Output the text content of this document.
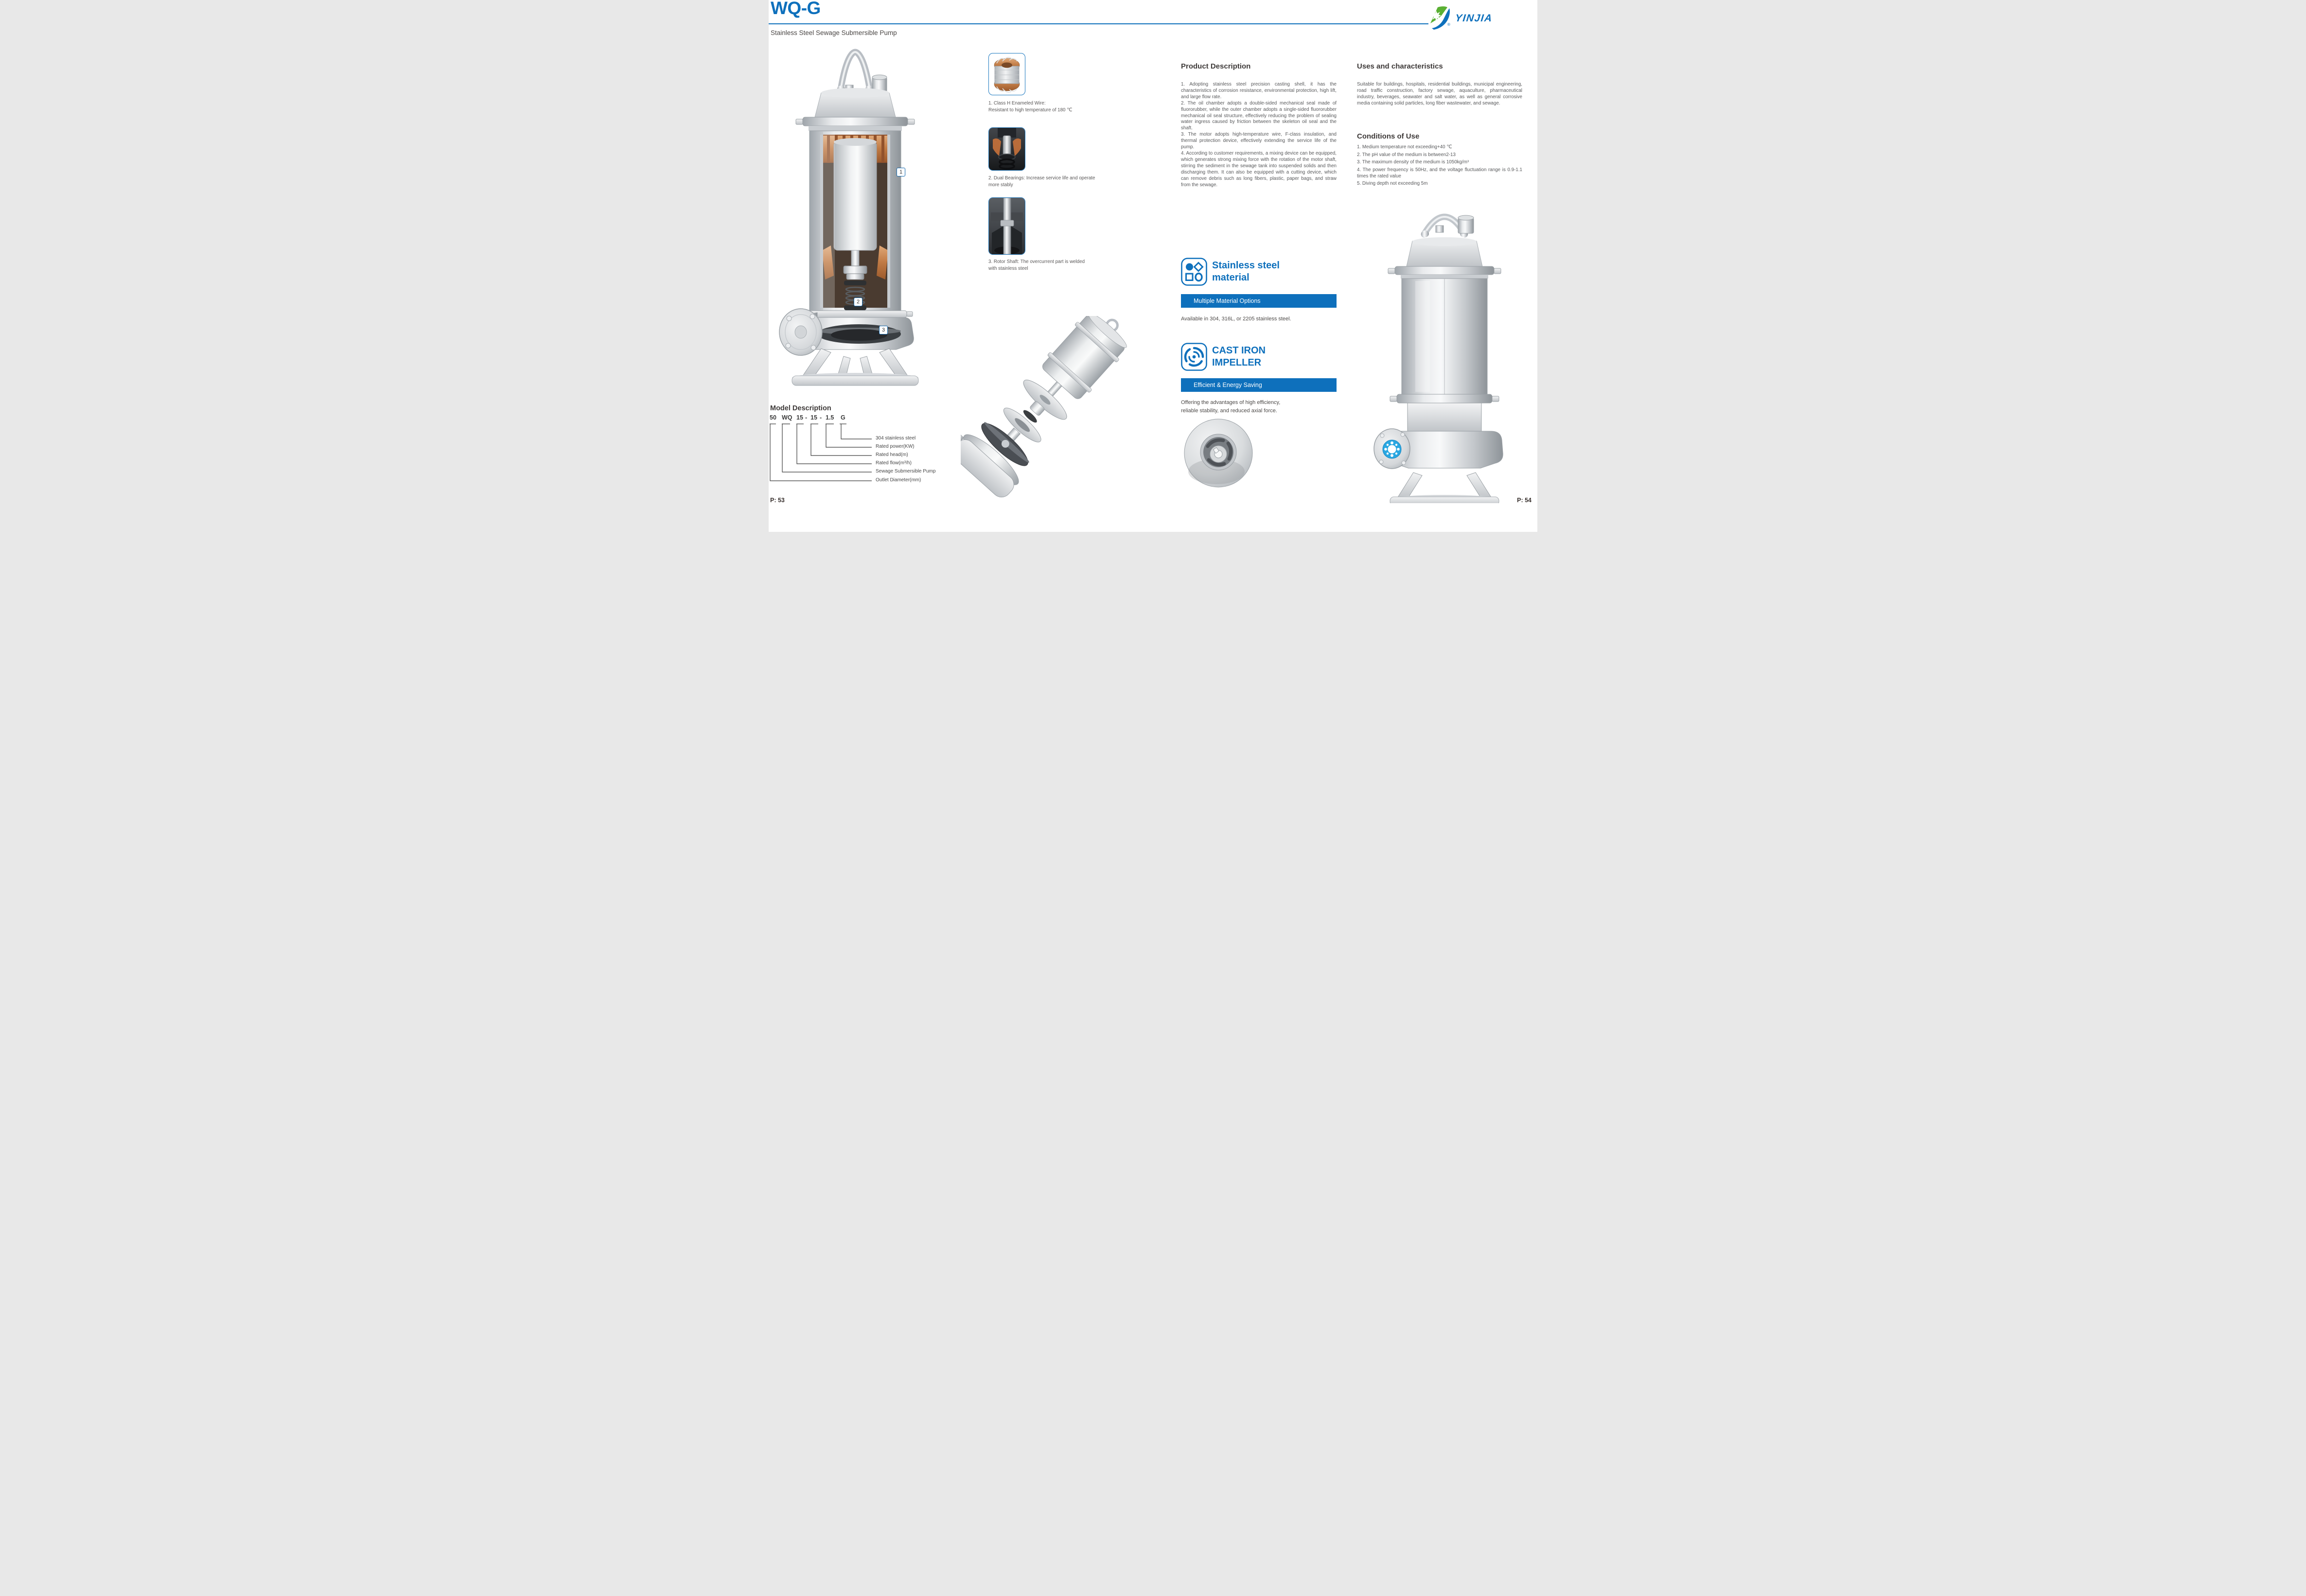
WQ-G
Stainless Steel Sewage Submersible Pump
YINJIA
®
1
2
3
1. Class H Enameled Wire:
Resistant to high temperature of 180 ℃
2. Dual Bearings: Increase service life and operate
more stably
3. Rotor Shaft: The overcurrent part is welded
with stainless steel
Product Description

1. Adopting stainless steel precision casting shell, it has the characteristics of corrosion resistance, environmental protection, high lift, and large flow rate.

2. The oil chamber adopts a double-sided mechanical seal made of fluororubber, while the outer chamber adopts a single-sided fluororubber mechanical oil seal structure, effectively reducing the problem of sealing water ingress caused by friction between the skeleton oil seal and the shaft.

3. The motor adopts high-temperature wire, F-class insulation, and thermal protection device, effectively extending the service life of the pump.

4. According to customer requirements, a mixing device can be equipped, which generates strong mixing force with the rotation of the motor shaft, stirring the sediment in the sewage tank into suspended solids and then discharging them. It can also be equipped with a cutting device, which can remove debris such as long fibers, plastic, paper bags, and straw from the sewage.

Uses and characteristics
Suitable for buildings, hospitals, residential buildings, municipal engineering, road traffic construction, factory sewage, aquaculture, pharmaceutical industry, beverages, seawater and salt water, as well as general corrosive media containing solid particles, long fiber wastewater, and sewage.
Conditions of Use
1. Medium temperature not exceeding+40 ℃
2. The pH value of the medium is between2-13
3. The maximum density of the medium is 1050kg/m³
4. The power frequency is 50Hz, and the voltage fluctuation range is 0.9-1.1 times the rated value
5. Diving depth not exceeding 5m
Stainless steel
material
Multiple Material Options
Available in 304, 316L, or 2205 stainless steel.
CAST IRON
IMPELLER
Efficient & Energy Saving
Offering the advantages of high efficiency,
reliable stability, and reduced axial force.
Model Description
50 WQ 15 - 15 - 1.5 G
304 stainless steel
Rated power(KW)
Rated head(m)
Rated flow(m³/h)
Sewage Submersible Pump
Outlet Diameter(mm)
P: 53	P: 54
